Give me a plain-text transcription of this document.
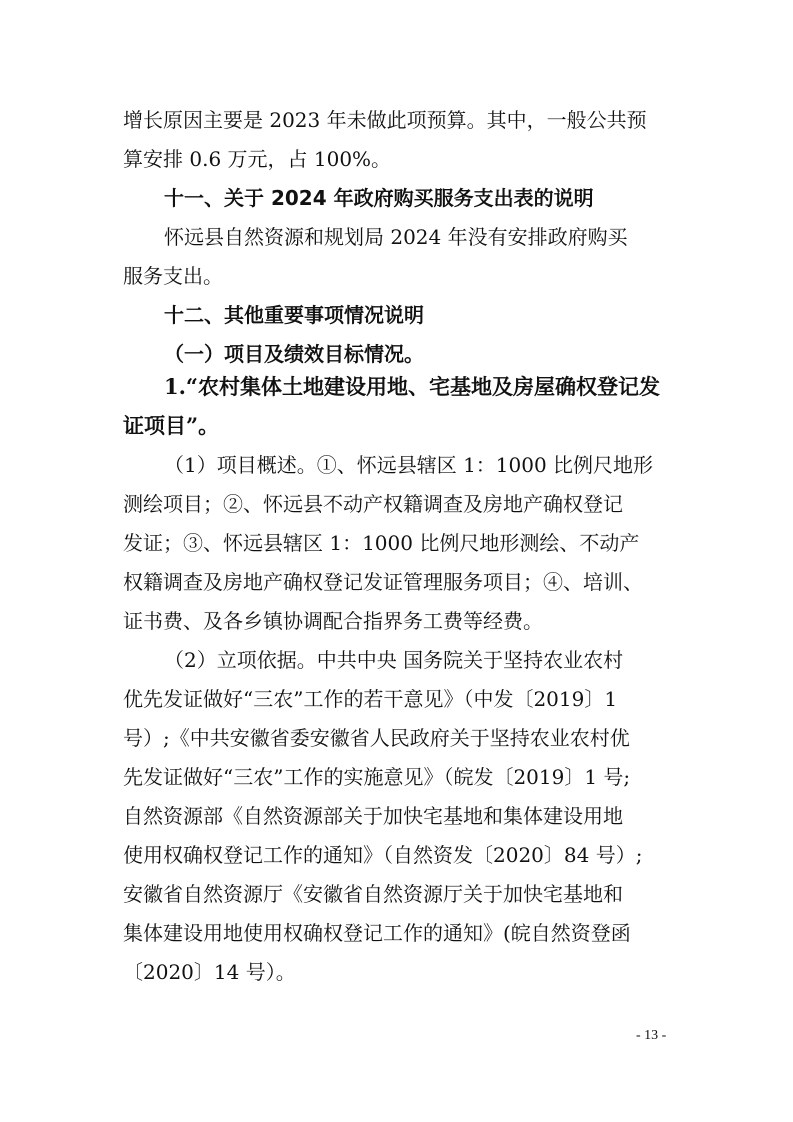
增长原因主要是 2023 年未做此项预算。其中，一般公共预
算安排 0.6 万元，占 100%。
十一、关于 2024 年政府购买服务支出表的说明
怀远县自然资源和规划局 2024 年没有安排政府购买
服务支出。
十二、其他重要事项情况说明
（一）项目及绩效目标情况。
1.“农村集体土地建设用地、宅基地及房屋确权登记发
证项目”。
（1）项目概述。①、怀远县辖区 1：1000 比例尺地形
测绘项目；②、怀远县不动产权籍调查及房地产确权登记
发证；③、怀远县辖区 1：1000 比例尺地形测绘、不动产
权籍调查及房地产确权登记发证管理服务项目；④、培训、
证书费、及各乡镇协调配合指界务工费等经费。
（2）立项依据。中共中央 国务院关于坚持农业农村
优先发证做好“三农”工作的若干意见》（中发〔2019〕1
号）;《中共安徽省委安徽省人民政府关于坚持农业农村优
先发证做好“三农”工作的实施意见》（皖发〔2019〕1 号;
自然资源部《自然资源部关于加快宅基地和集体建设用地
使用权确权登记工作的通知》（自然资发〔2020〕84 号）;
安徽省自然资源厅《安徽省自然资源厅关于加快宅基地和
集体建设用地使用权确权登记工作的通知》(皖自然资登函
〔2020〕14 号）。
- 13 -
